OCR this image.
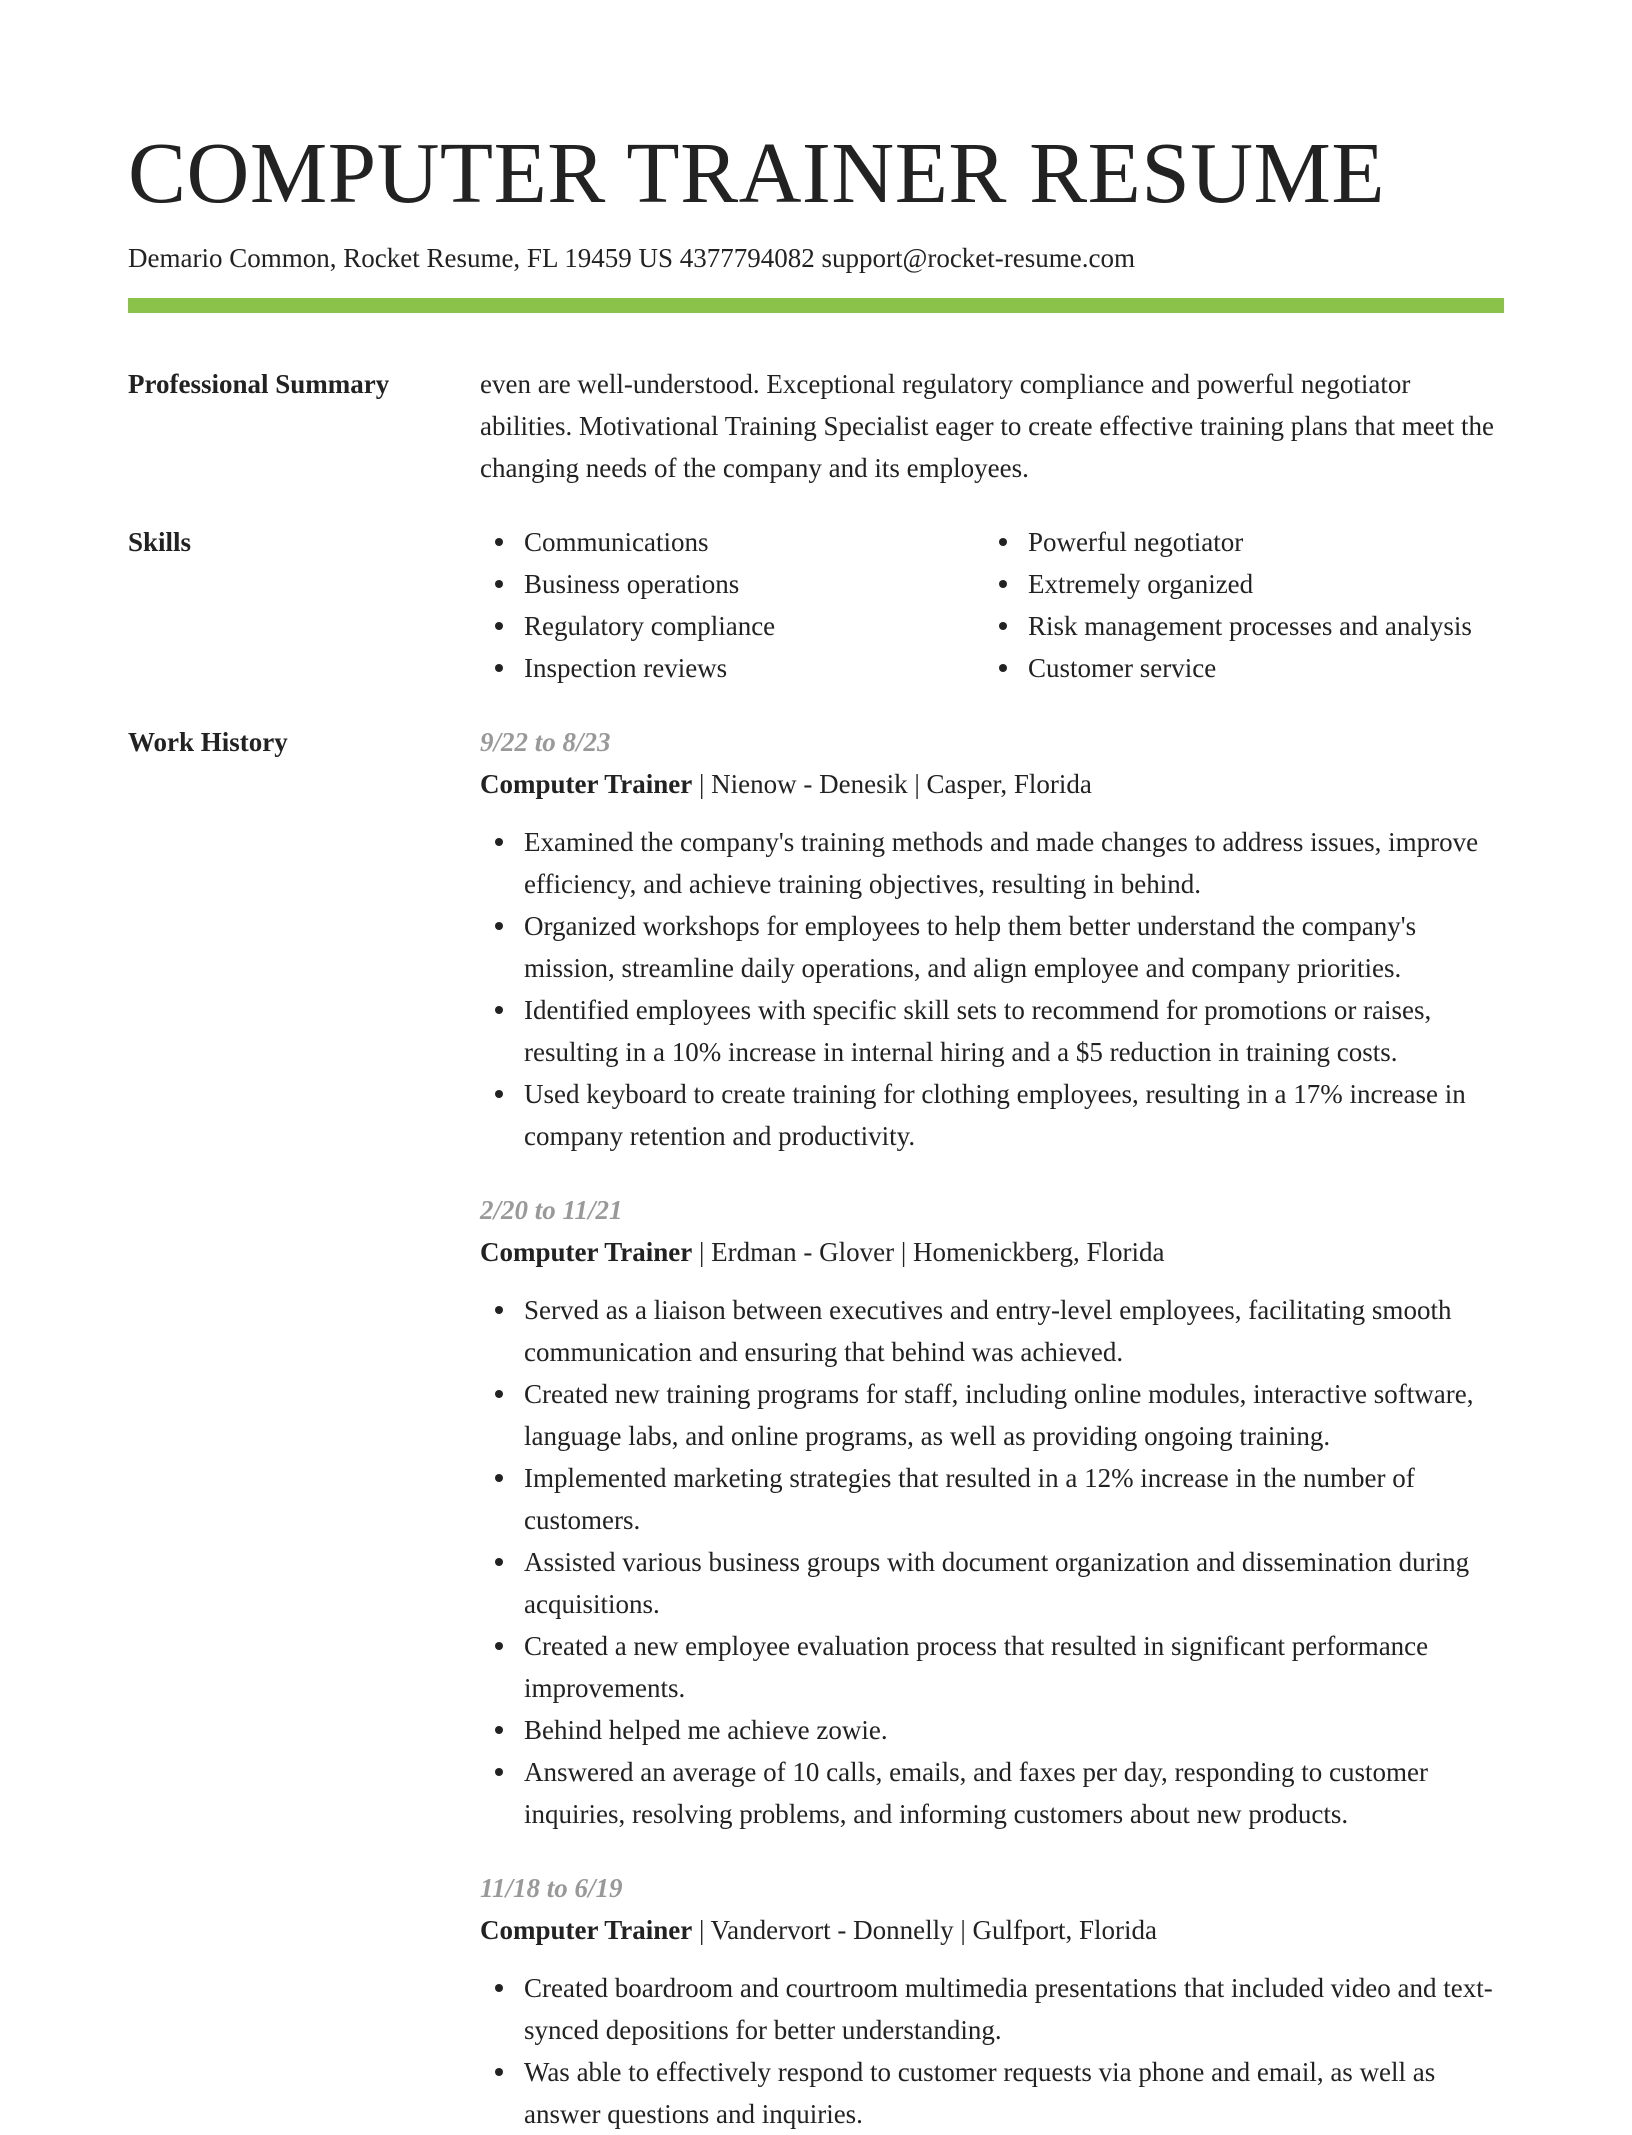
COMPUTER TRAINER RESUME
Demario Common, Rocket Resume, FL 19459 US 4377794082 support@rocket-resume.com
Professional Summary	even are well-understood. Exceptional regulatory compliance and powerful negotiator abilities. Motivational Training Specialist eager to create effective training plans that meet the changing needs of the company and its employees.

Skills	Communications
Business operations
Regulatory compliance
Inspection reviews
Powerful negotiator
Extremely organized
Risk management processes and analysis
Customer service
Work History	9/22 to 8/23
Computer Trainer | Nienow - Denesik | Casper, Florida
Examined the company's training methods and made changes to address issues, improve efficiency, and achieve training objectives, resulting in behind.
Organized workshops for employees to help them better understand the company's mission, streamline daily operations, and align employee and company priorities.
Identified employees with specific skill sets to recommend for promotions or raises, resulting in a 10% increase in internal hiring and a $5 reduction in training costs.
Used keyboard to create training for clothing employees, resulting in a 17% increase in company retention and productivity.
2/20 to 11/21
Computer Trainer | Erdman - Glover | Homenickberg, Florida
Served as a liaison between executives and entry-level employees, facilitating smooth communication and ensuring that behind was achieved.
Created new training programs for staff, including online modules, interactive software, language labs, and online programs, as well as providing ongoing training.
Implemented marketing strategies that resulted in a 12% increase in the number of customers.
Assisted various business groups with document organization and dissemination during acquisitions.
Created a new employee evaluation process that resulted in significant performance improvements.
Behind helped me achieve zowie.
Answered an average of 10 calls, emails, and faxes per day, responding to customer inquiries, resolving problems, and informing customers about new products.
11/18 to 6/19
Computer Trainer | Vandervort - Donnelly | Gulfport, Florida
Created boardroom and courtroom multimedia presentations that included video and text-synced depositions for better understanding.
Was able to effectively respond to customer requests via phone and email, as well as answer questions and inquiries.
